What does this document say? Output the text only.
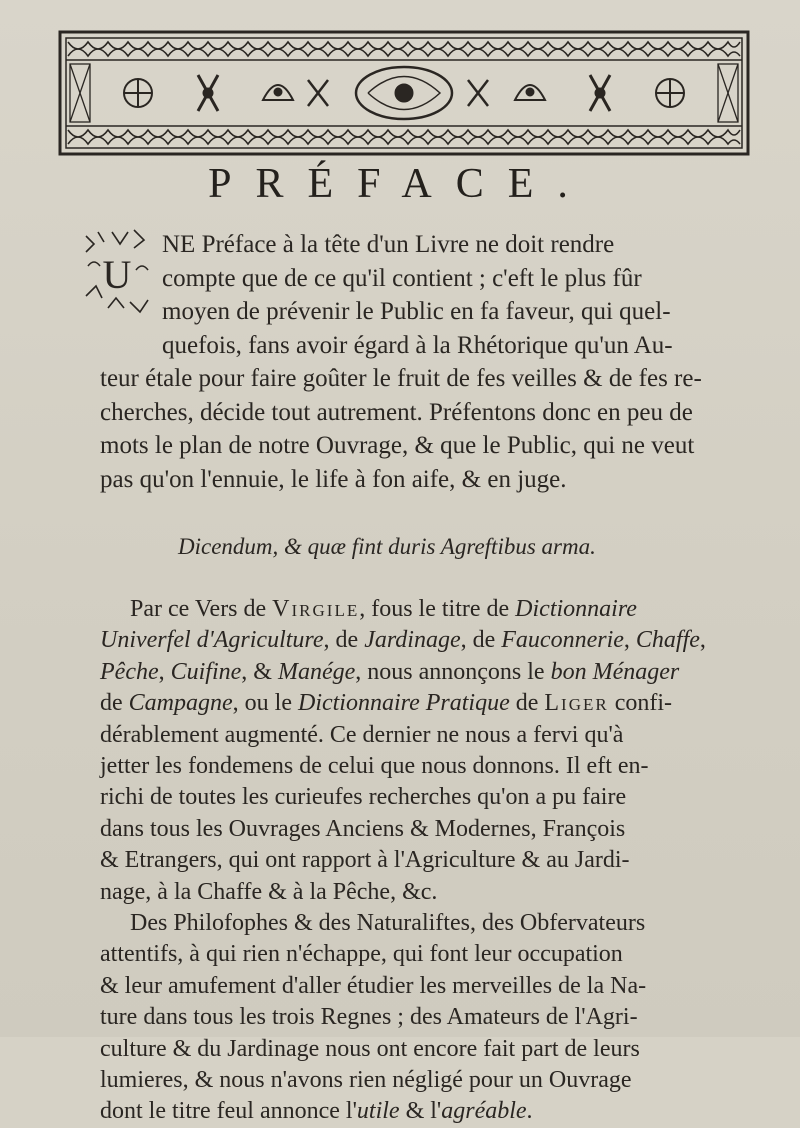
PRÉFACE.
U
NE Préface à la tête d'un Livre ne doit rendre
compte que de ce qu'il contient ; c'eft le plus fûr
moyen de prévenir le Public en fa faveur, qui quel-
quefois, fans avoir égard à la Rhétorique qu'un Au-
teur étale pour faire goûter le fruit de fes veilles & de fes re-
cherches, décide tout autrement. Préfentons donc en peu de
mots le plan de notre Ouvrage, & que le Public, qui ne veut
pas qu'on l'ennuie, le life à fon aife, & en juge.
Dicendum, & quæ fint duris Agreftibus arma.
Par ce Vers de Virgile, fous le titre de Dictionnaire
Univerfel d'Agriculture, de Jardinage, de Fauconnerie, Chaffe,
Pêche, Cuifine, & Manége, nous annonçons le bon Ménager
de Campagne, ou le Dictionnaire Pratique de Liger confi-
dérablement augmenté. Ce dernier ne nous a fervi qu'à
jetter les fondemens de celui que nous donnons. Il eft en-
richi de toutes les curieufes recherches qu'on a pu faire
dans tous les Ouvrages Anciens & Modernes, François
& Etrangers, qui ont rapport à l'Agriculture & au Jardi-
nage, à la Chaffe & à la Pêche, &c.
Des Philofophes & des Naturaliftes, des Obfervateurs
attentifs, à qui rien n'échappe, qui font leur occupation
& leur amufement d'aller étudier les merveilles de la Na-
ture dans tous les trois Regnes ; des Amateurs de l'Agri-
culture & du Jardinage nous ont encore fait part de leurs
lumieres, & nous n'avons rien négligé pour un Ouvrage
dont le titre feul annonce l'utile & l'agréable.
